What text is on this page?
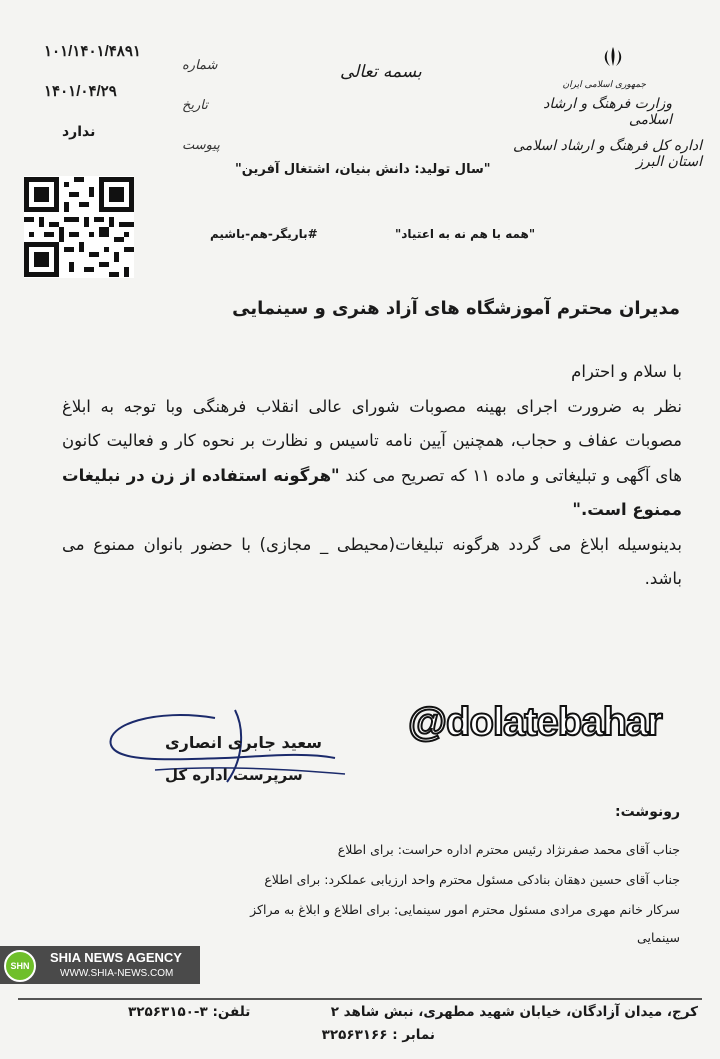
۱۰۱/۱۴۰۱/۴۸۹۱
۱۴۰۱/۰۴/۲۹
ندارد
شماره
تاریخ
پیوست
بسمه تعالی
جمهوری اسلامی ایران
وزارت فرهنگ و ارشاد اسلامی
اداره کل فرهنگ و ارشاد اسلامی استان البرز
"سال تولید: دانش بنیان، اشتغال آفرین"
"همه با هم نه به اعتیاد"
#باریگر-هم-باشیم
مدیران محترم آموزشگاه های آزاد هنری و سینمایی

با سلام و احترام

نظر به ضرورت اجرای بهینه مصوبات شورای عالی انقلاب فرهنگی وبا توجه به ابلاغ مصوبات عفاف و حجاب، همچنین آیین نامه تاسیس و نظارت بر نحوه کار و فعالیت کانون های آگهی و تبلیغاتی و ماده ۱۱ که تصریح می کند "هرگونه استفاده از زن در نبلیغات ممنوع است."

بدینوسیله ابلاغ می گردد هرگونه تبلیغات(محیطی _ مجازی) با حضور بانوان ممنوع می باشد.

@dolatebahar
سعید جابری انصاری
سرپرست اداره کل
رونوشت:
جناب آقای محمد صفرنژاد رئیس محترم اداره حراست: برای اطلاع
جناب آقای حسین دهقان بنادکی مسئول محترم واحد ارزیابی عملکرد: برای اطلاع
سرکار خانم مهری مرادی مسئول محترم امور سینمایی: برای اطلاع و ابلاغ به مراکز
سینمایی
SHN
SHIA NEWS AGENCY
WWW.SHIA-NEWS.COM
کرج، میدان آزادگان، خیابان شهید مطهری، نبش شاهد ۲
تلفن: ۳-۳۲۵۶۳۱۵۰
نمابر : ۳۲۵۶۳۱۶۶
